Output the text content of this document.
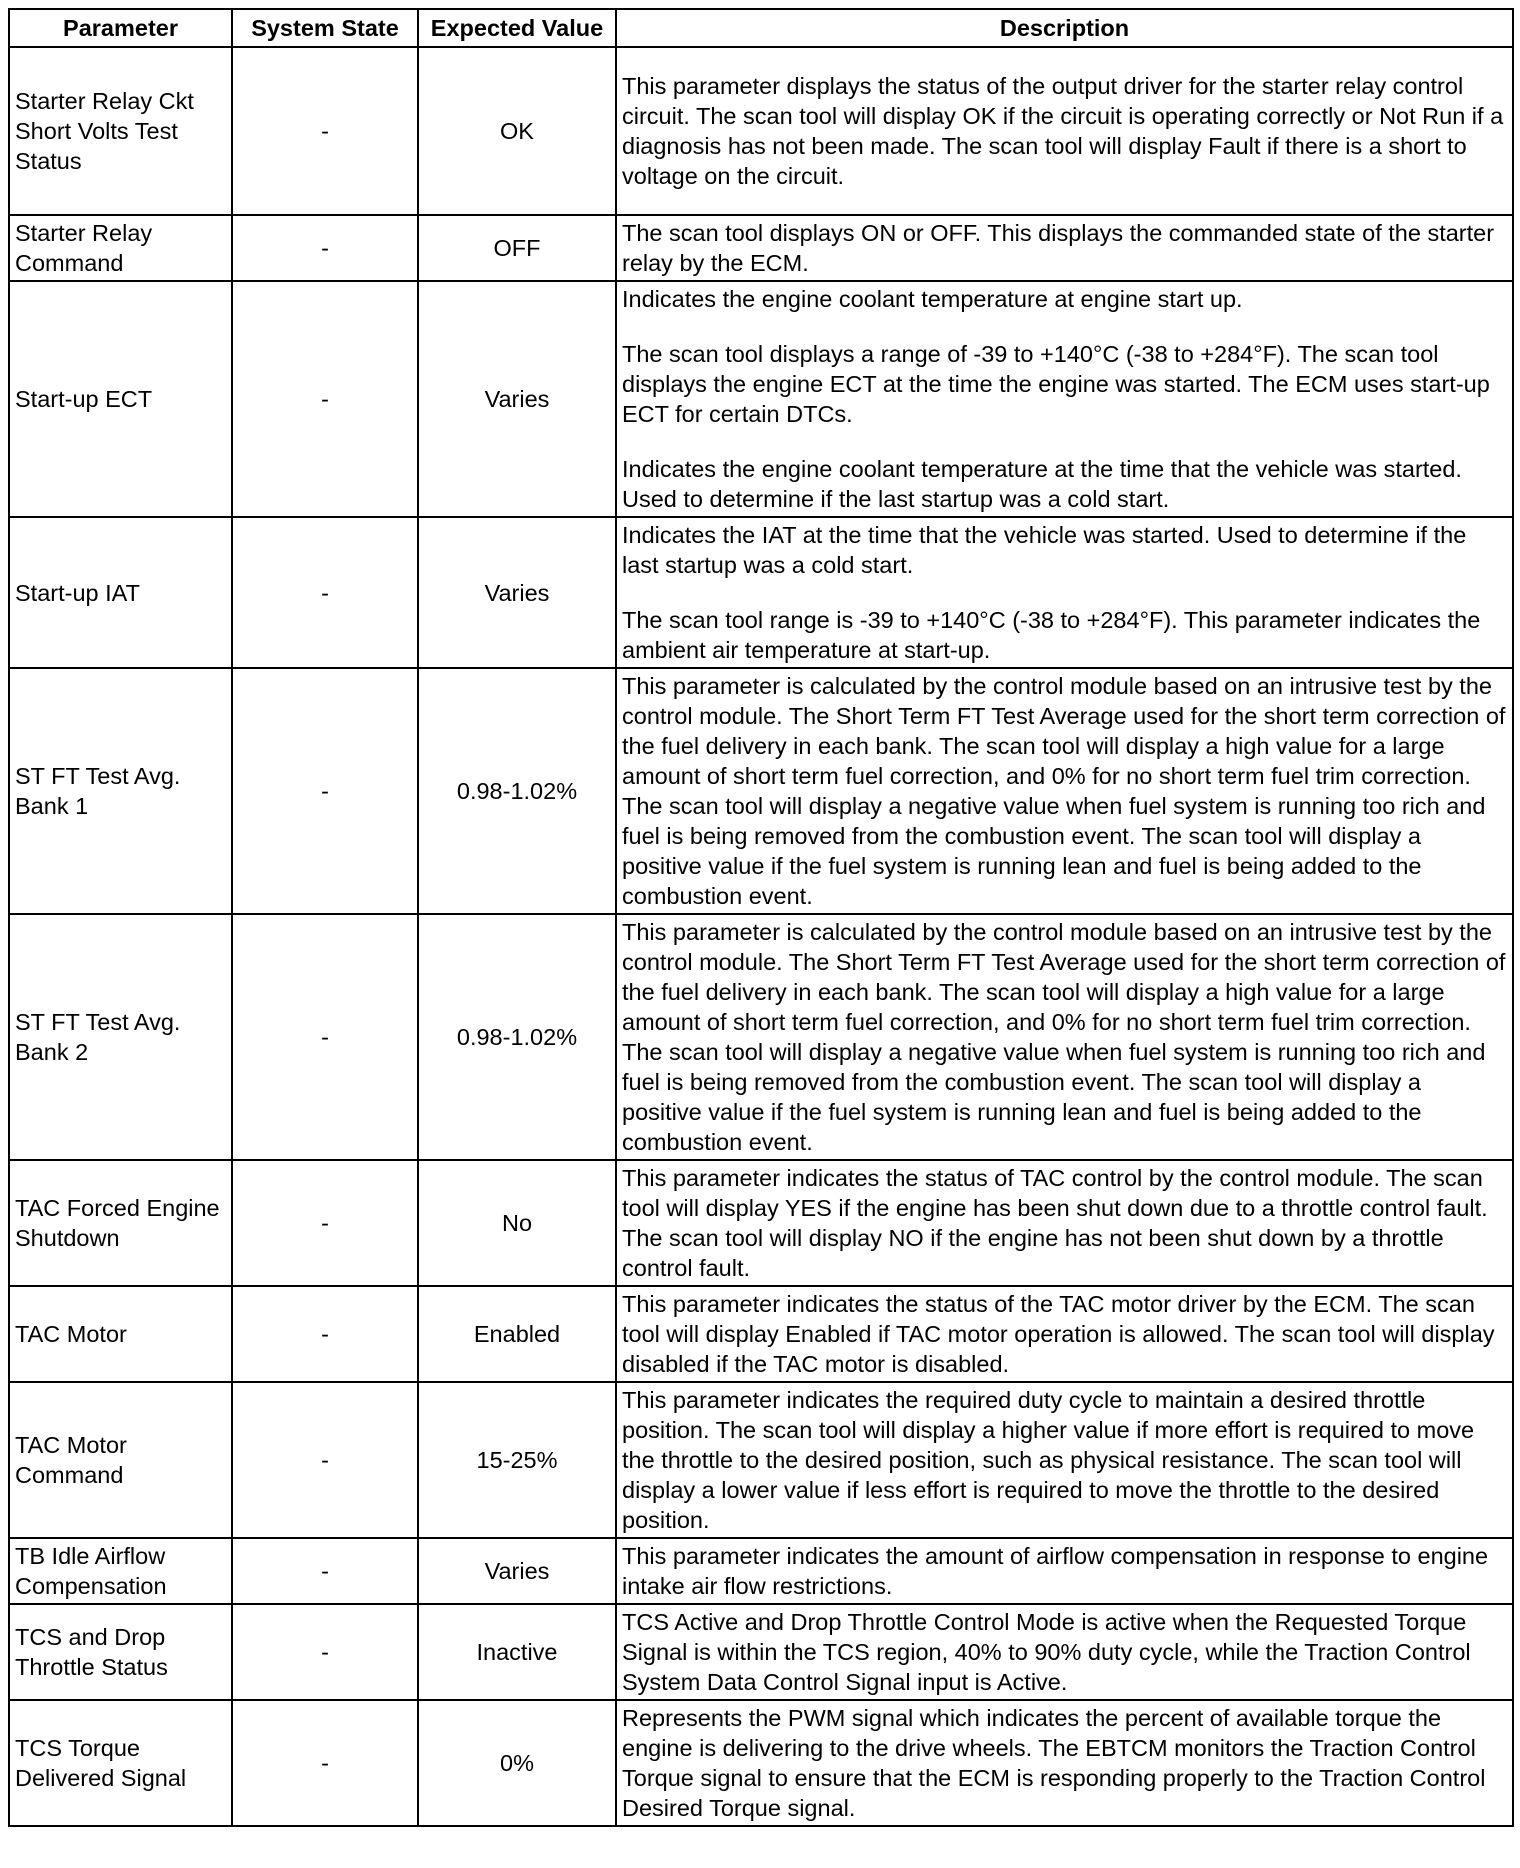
Parameter	System State	Expected Value	Description
Starter Relay Ckt Short Volts Test Status	-	OK	This parameter displays the status of the output driver for the starter relay control circuit. The scan tool will display OK if the circuit is operating correctly or Not Run if a diagnosis has not been made. The scan tool will display Fault if there is a short to voltage on the circuit.

Starter Relay Command	-	OFF	The scan tool displays ON or OFF. This displays the commanded state of the starter relay by the ECM.

Start-up ECT	-	Varies	Indicates the engine coolant temperature at engine start up.

The scan tool displays a range of -39 to +140°C (-38 to +284°F). The scan tool displays the engine ECT at the time the engine was started. The ECM uses start-up ECT for certain DTCs.

Indicates the engine coolant temperature at the time that the vehicle was started. Used to determine if the last startup was a cold start.

Start-up IAT	-	Varies	Indicates the IAT at the time that the vehicle was started. Used to determine if the last startup was a cold start.

The scan tool range is -39 to +140°C (-38 to +284°F). This parameter indicates the ambient air temperature at start-up.

ST FT Test Avg. Bank 1	-	0.98-1.02%	This parameter is calculated by the control module based on an intrusive test by the control module. The Short Term FT Test Average used for the short term correction of the fuel delivery in each bank. The scan tool will display a high value for a large amount of short term fuel correction, and 0% for no short term fuel trim correction. The scan tool will display a negative value when fuel system is running too rich and fuel is being removed from the combustion event. The scan tool will display a positive value if the fuel system is running lean and fuel is being added to the combustion event.

ST FT Test Avg. Bank 2	-	0.98-1.02%	This parameter is calculated by the control module based on an intrusive test by the control module. The Short Term FT Test Average used for the short term correction of the fuel delivery in each bank. The scan tool will display a high value for a large amount of short term fuel correction, and 0% for no short term fuel trim correction. The scan tool will display a negative value when fuel system is running too rich and fuel is being removed from the combustion event. The scan tool will display a positive value if the fuel system is running lean and fuel is being added to the combustion event.

TAC Forced Engine Shutdown	-	No	This parameter indicates the status of TAC control by the control module. The scan tool will display YES if the engine has been shut down due to a throttle control fault. The scan tool will display NO if the engine has not been shut down by a throttle control fault.

TAC Motor	-	Enabled	This parameter indicates the status of the TAC motor driver by the ECM. The scan tool will display Enabled if TAC motor operation is allowed. The scan tool will display disabled if the TAC motor is disabled.

TAC Motor Command	-	15-25%	This parameter indicates the required duty cycle to maintain a desired throttle position. The scan tool will display a higher value if more effort is required to move the throttle to the desired position, such as physical resistance. The scan tool will display a lower value if less effort is required to move the throttle to the desired position.

TB Idle Airflow Compensation	-	Varies	This parameter indicates the amount of airflow compensation in response to engine intake air flow restrictions.

TCS and Drop Throttle Status	-	Inactive	TCS Active and Drop Throttle Control Mode is active when the Requested Torque Signal is within the TCS region, 40% to 90% duty cycle, while the Traction Control System Data Control Signal input is Active.

TCS Torque Delivered Signal	-	0%	Represents the PWM signal which indicates the percent of available torque the engine is delivering to the drive wheels. The EBTCM monitors the Traction Control Torque signal to ensure that the ECM is responding properly to the Traction Control Desired Torque signal.
